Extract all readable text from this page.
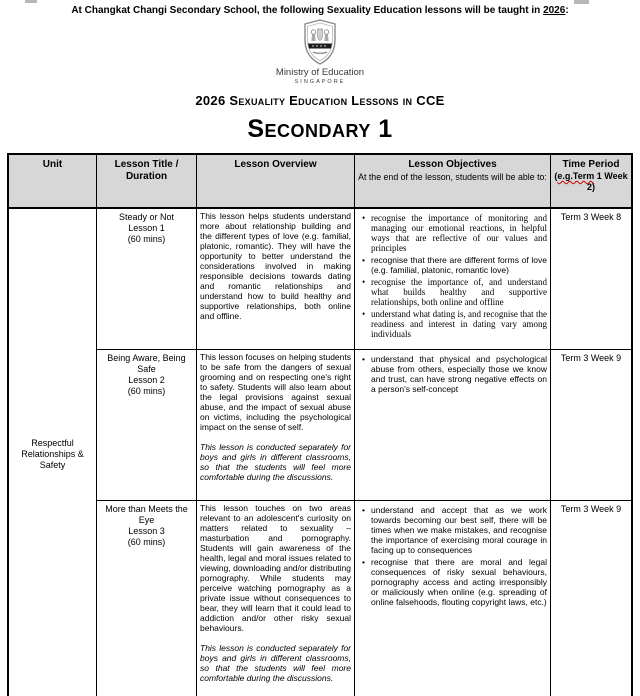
At Changkat Changi Secondary School, the following Sexuality Education lessons will be taught in 2026:
Ministry of Education
SINGAPORE
2026 Sexuality Education Lessons in CCE
Secondary 1
Unit	Lesson Title /
Duration
Lesson Overview	Lesson Objectives
At the end of the lesson, students will be able to:
Time Period
(e.g.Term 1 Week 2)
Respectful Relationships & Safety
Steady or Not
Lesson 1
(60 mins)

This lesson helps students understand more about relationship building and the different types of love (e.g. familial, platonic, romantic). They will have the opportunity to better understand the considerations involved in making responsible decisions towards dating and romantic relationships and understand how to build healthy and supportive relationships, both online and offline.

• recognise the importance of monitoring and managing our emotional reactions, in helpful ways that are reflective of our values and principles
• recognise that there are different forms of love (e.g. familial, platonic, romantic love)
• recognise the importance of, and understand what builds healthy and supportive relationships, both online and offline
• understand what dating is, and recognise that the readiness and interest in dating vary among individuals
Term 3 Week 8
Being Aware, Being Safe
Lesson 2
(60 mins)

This lesson focuses on helping students to be safe from the dangers of sexual grooming and on respecting one's right to safety. Students will also learn about the legal provisions against sexual abuse, and the impact of sexual abuse on victims, including the psychological impact on the sense of self.

This lesson is conducted separately for boys and girls in different classrooms, so that the students will feel more comfortable during the discussions.

• understand that physical and psychological abuse from others, especially those we know and trust, can have strong negative effects on a person's self-concept
Term 3 Week 9
More than Meets the Eye
Lesson 3
(60 mins)

This lesson touches on two areas relevant to an adolescent's curiosity on matters related to sexuality – masturbation and pornography. Students will gain awareness of the health, legal and moral issues related to viewing, downloading and/or distributing pornography. While students may perceive watching pornography as a private issue without consequences to bear, they will learn that it could lead to addiction and/or other risky sexual behaviours.

This lesson is conducted separately for boys and girls in different classrooms, so that the students will feel more comfortable during the discussions.

• understand and accept that as we work towards becoming our best self, there will be times when we make mistakes, and recognise the importance of exercising moral courage in facing up to consequences
• recognise that there are moral and legal consequences of risky sexual behaviours, pornography access and acting irresponsibly or maliciously when online (e.g. spreading of online falsehoods, flouting copyright laws, etc.)
Term 3 Week 9
